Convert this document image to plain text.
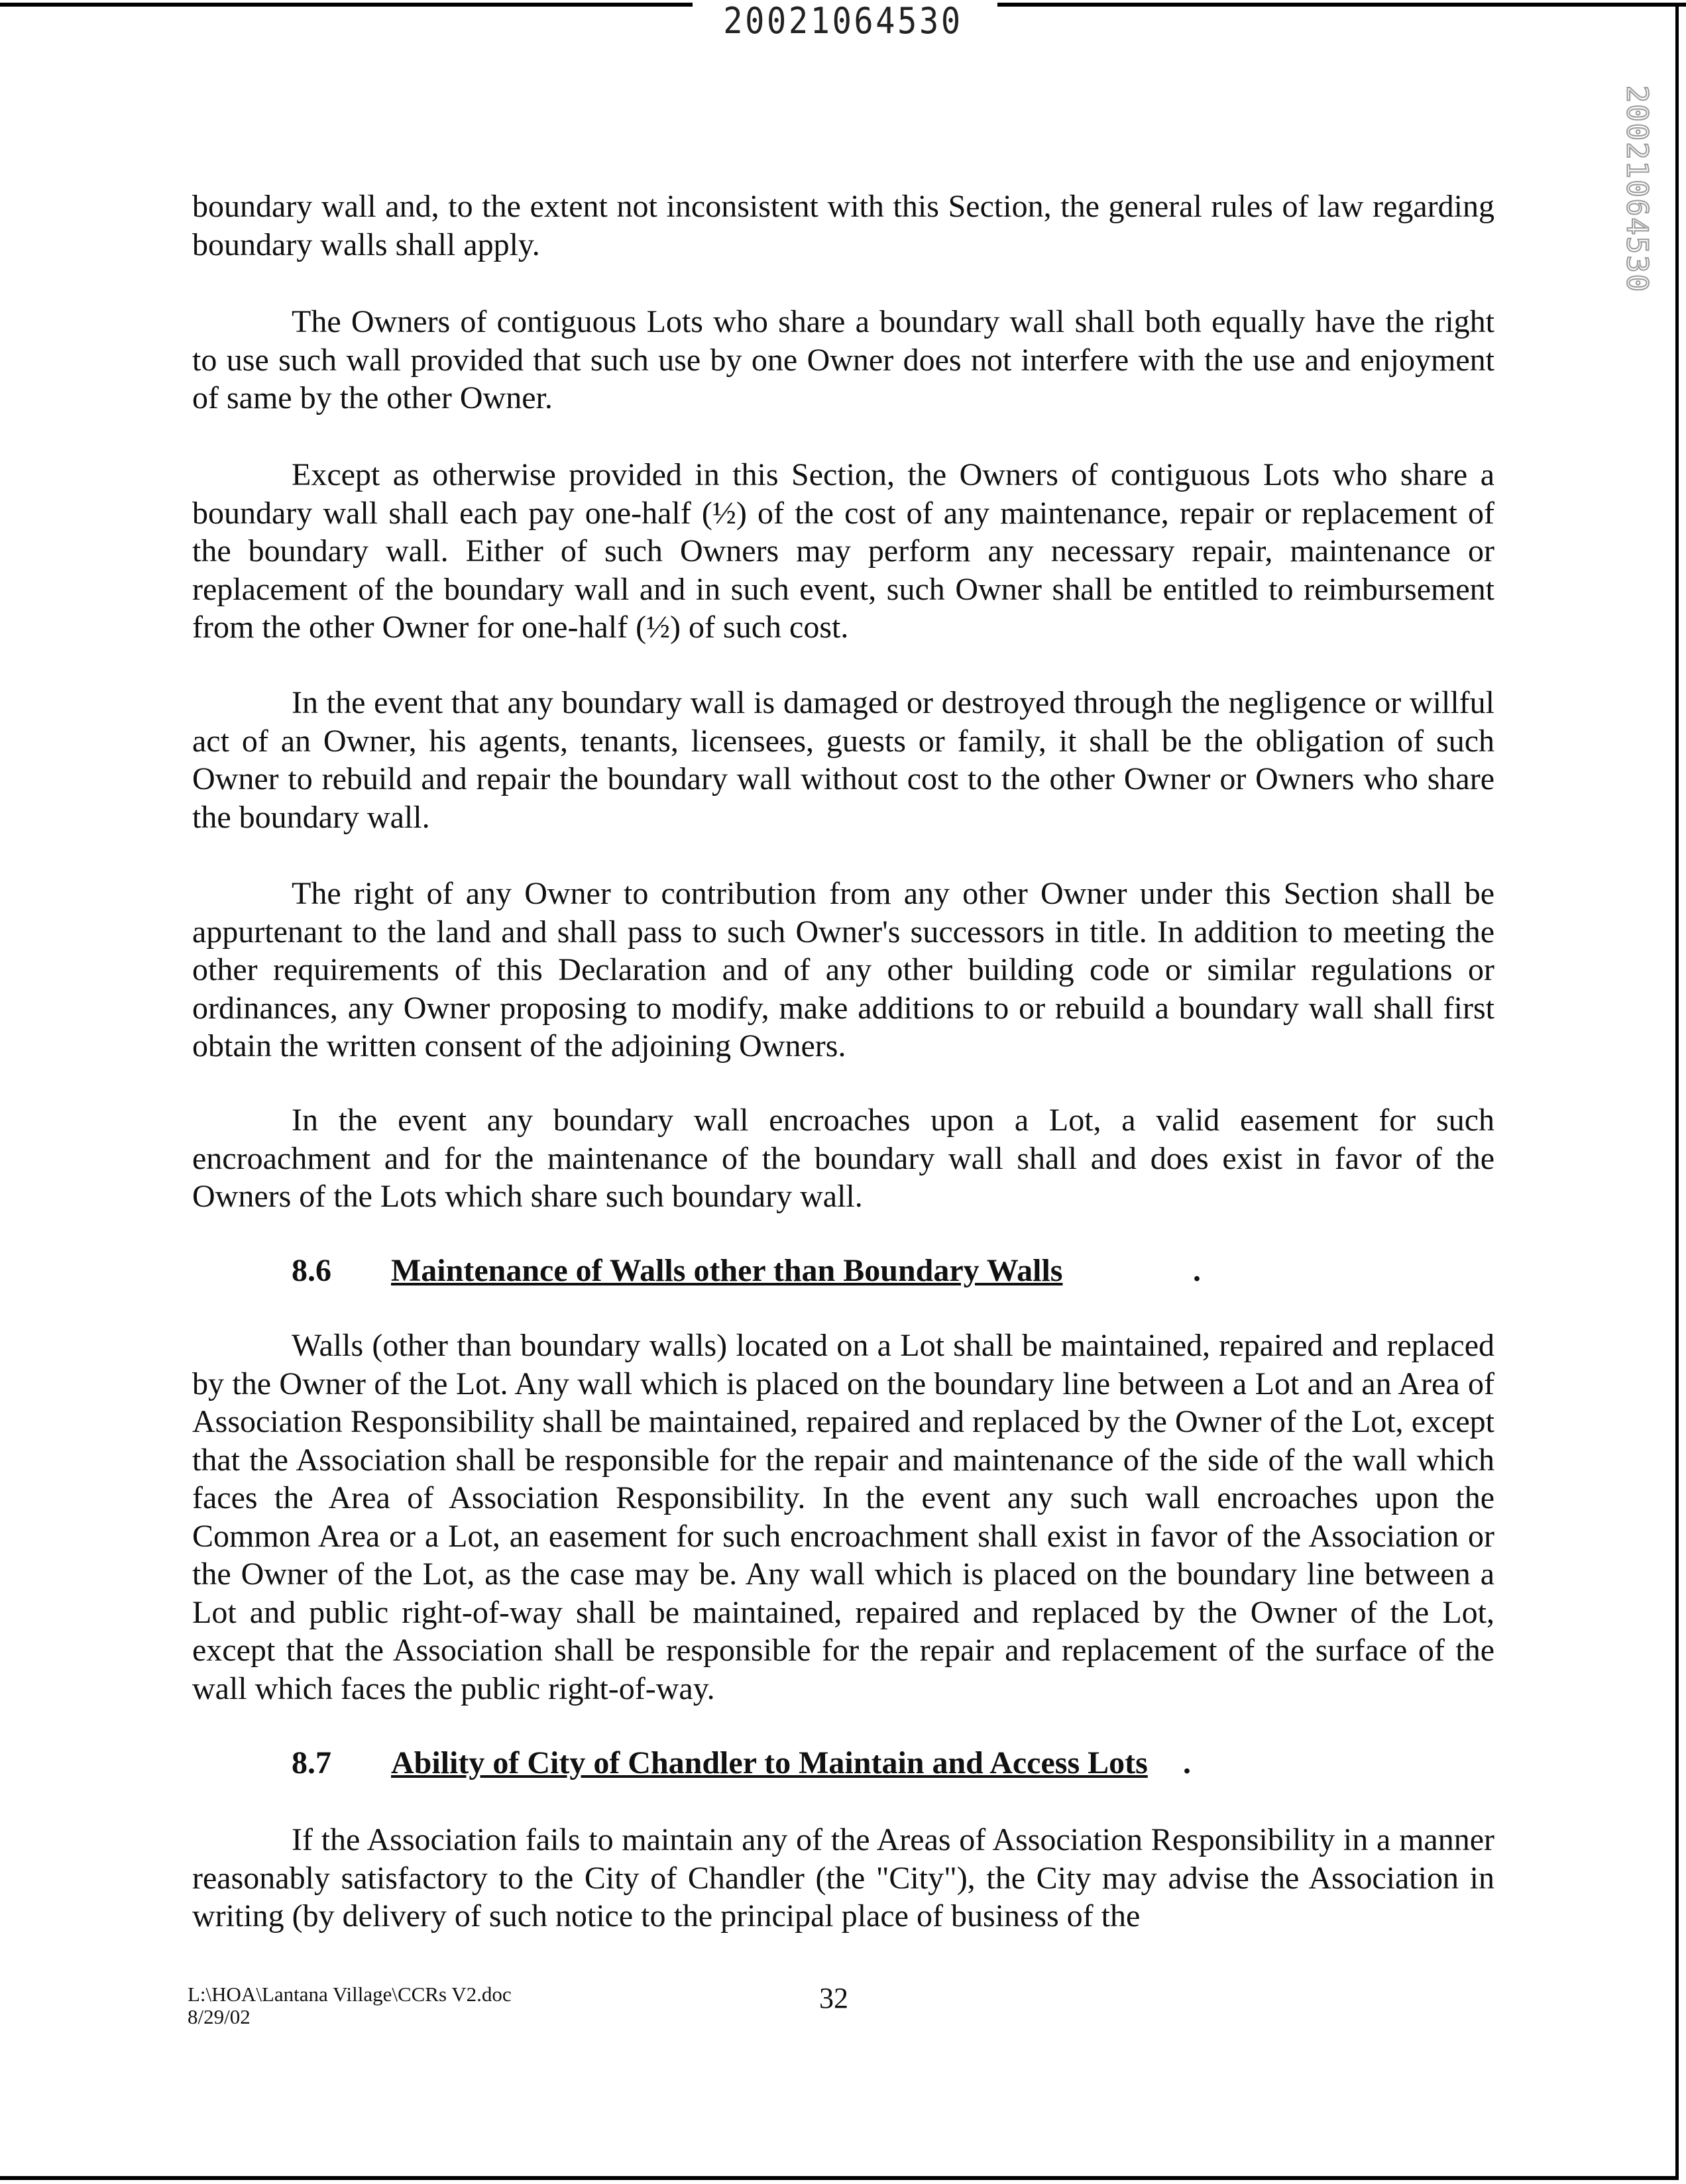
20021064530
20021064530

boundary wall and, to the extent not inconsistent with this Section, the general rules of law regarding boundary walls shall apply.

The Owners of contiguous Lots who share a boundary wall shall both equally have the right to use such wall provided that such use by one Owner does not interfere with the use and enjoyment of same by the other Owner.

Except as otherwise provided in this Section, the Owners of contiguous Lots who share a boundary wall shall each pay one-half (½) of the cost of any maintenance, repair or replacement of the boundary wall. Either of such Owners may perform any necessary repair, maintenance or replacement of the boundary wall and in such event, such Owner shall be entitled to reimbursement from the other Owner for one-half (½) of such cost.

In the event that any boundary wall is damaged or destroyed through the negligence or willful act of an Owner, his agents, tenants, licensees, guests or family, it shall be the obligation of such Owner to rebuild and repair the boundary wall without cost to the other Owner or Owners who share the boundary wall.

The right of any Owner to contribution from any other Owner under this Section shall be appurtenant to the land and shall pass to such Owner's successors in title. In addition to meeting the other requirements of this Declaration and of any other building code or similar regulations or ordinances, any Owner proposing to modify, make additions to or rebuild a boundary wall shall first obtain the written consent of the adjoining Owners.

In the event any boundary wall encroaches upon a Lot, a valid easement for such encroachment and for the maintenance of the boundary wall shall and does exist in favor of the Owners of the Lots which share such boundary wall.

8.6 Maintenance of Walls other than Boundary Walls	.

Walls (other than boundary walls) located on a Lot shall be maintained, repaired and replaced by the Owner of the Lot. Any wall which is placed on the boundary line between a Lot and an Area of Association Responsibility shall be maintained, repaired and replaced by the Owner of the Lot, except that the Association shall be responsible for the repair and maintenance of the side of the wall which faces the Area of Association Responsibility. In the event any such wall encroaches upon the Common Area or a Lot, an easement for such encroachment shall exist in favor of the Association or the Owner of the Lot, as the case may be. Any wall which is placed on the boundary line between a Lot and public right-of-way shall be maintained, repaired and replaced by the Owner of the Lot, except that the Association shall be responsible for the repair and replacement of the surface of the wall which faces the public right-of-way.

8.7 Ability of City of Chandler to Maintain and Access Lots .

If the Association fails to maintain any of the Areas of Association Responsibility in a manner reasonably satisfactory to the City of Chandler (the "City"), the City may advise the Association in writing (by delivery of such notice to the principal place of business of the

L:\HOA\Lantana Village\CCRs V2.doc
8/29/02
32
